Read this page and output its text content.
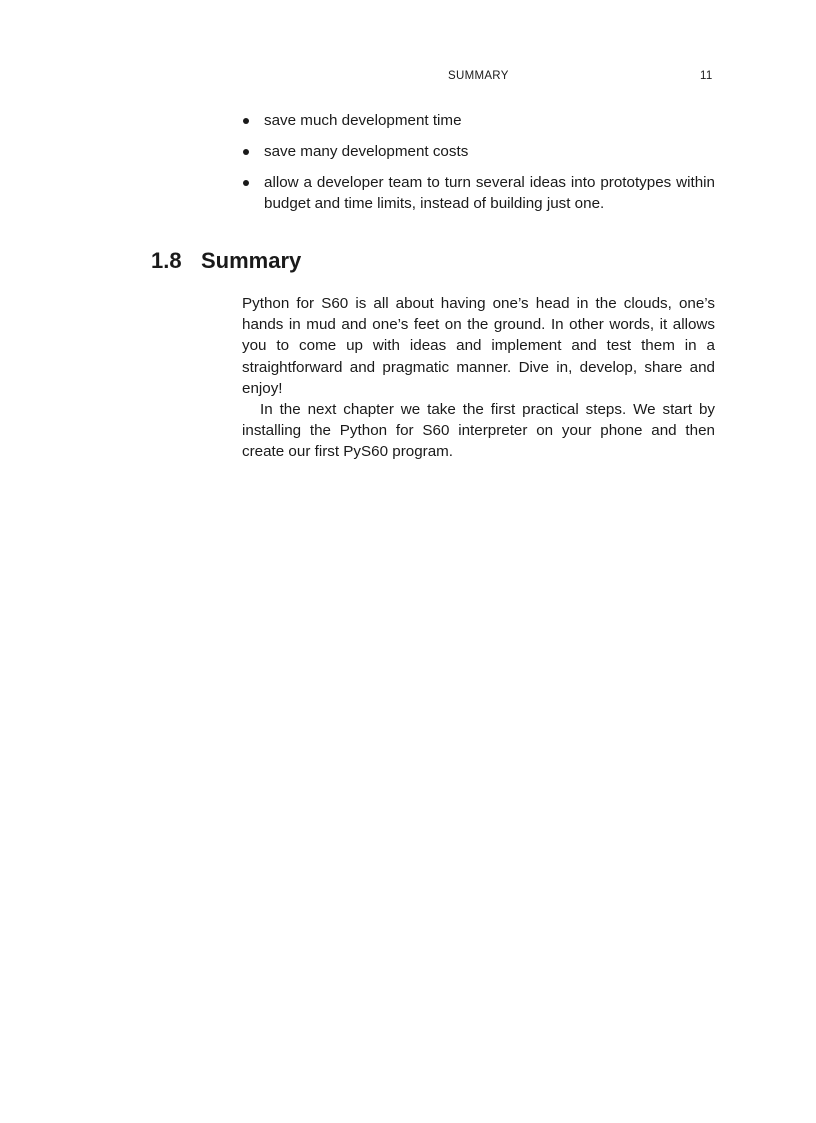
SUMMARY	11
save much development time
save many development costs
allow a developer team to turn several ideas into prototypes within budget and time limits, instead of building just one.
1.8 Summary

Python for S60 is all about having one’s head in the clouds, one’s hands in mud and one’s feet on the ground. In other words, it allows you to come up with ideas and implement and test them in a straightforward and pragmatic manner. Dive in, develop, share and enjoy!

In the next chapter we take the first practical steps. We start by installing the Python for S60 interpreter on your phone and then create our first PyS60 program.
